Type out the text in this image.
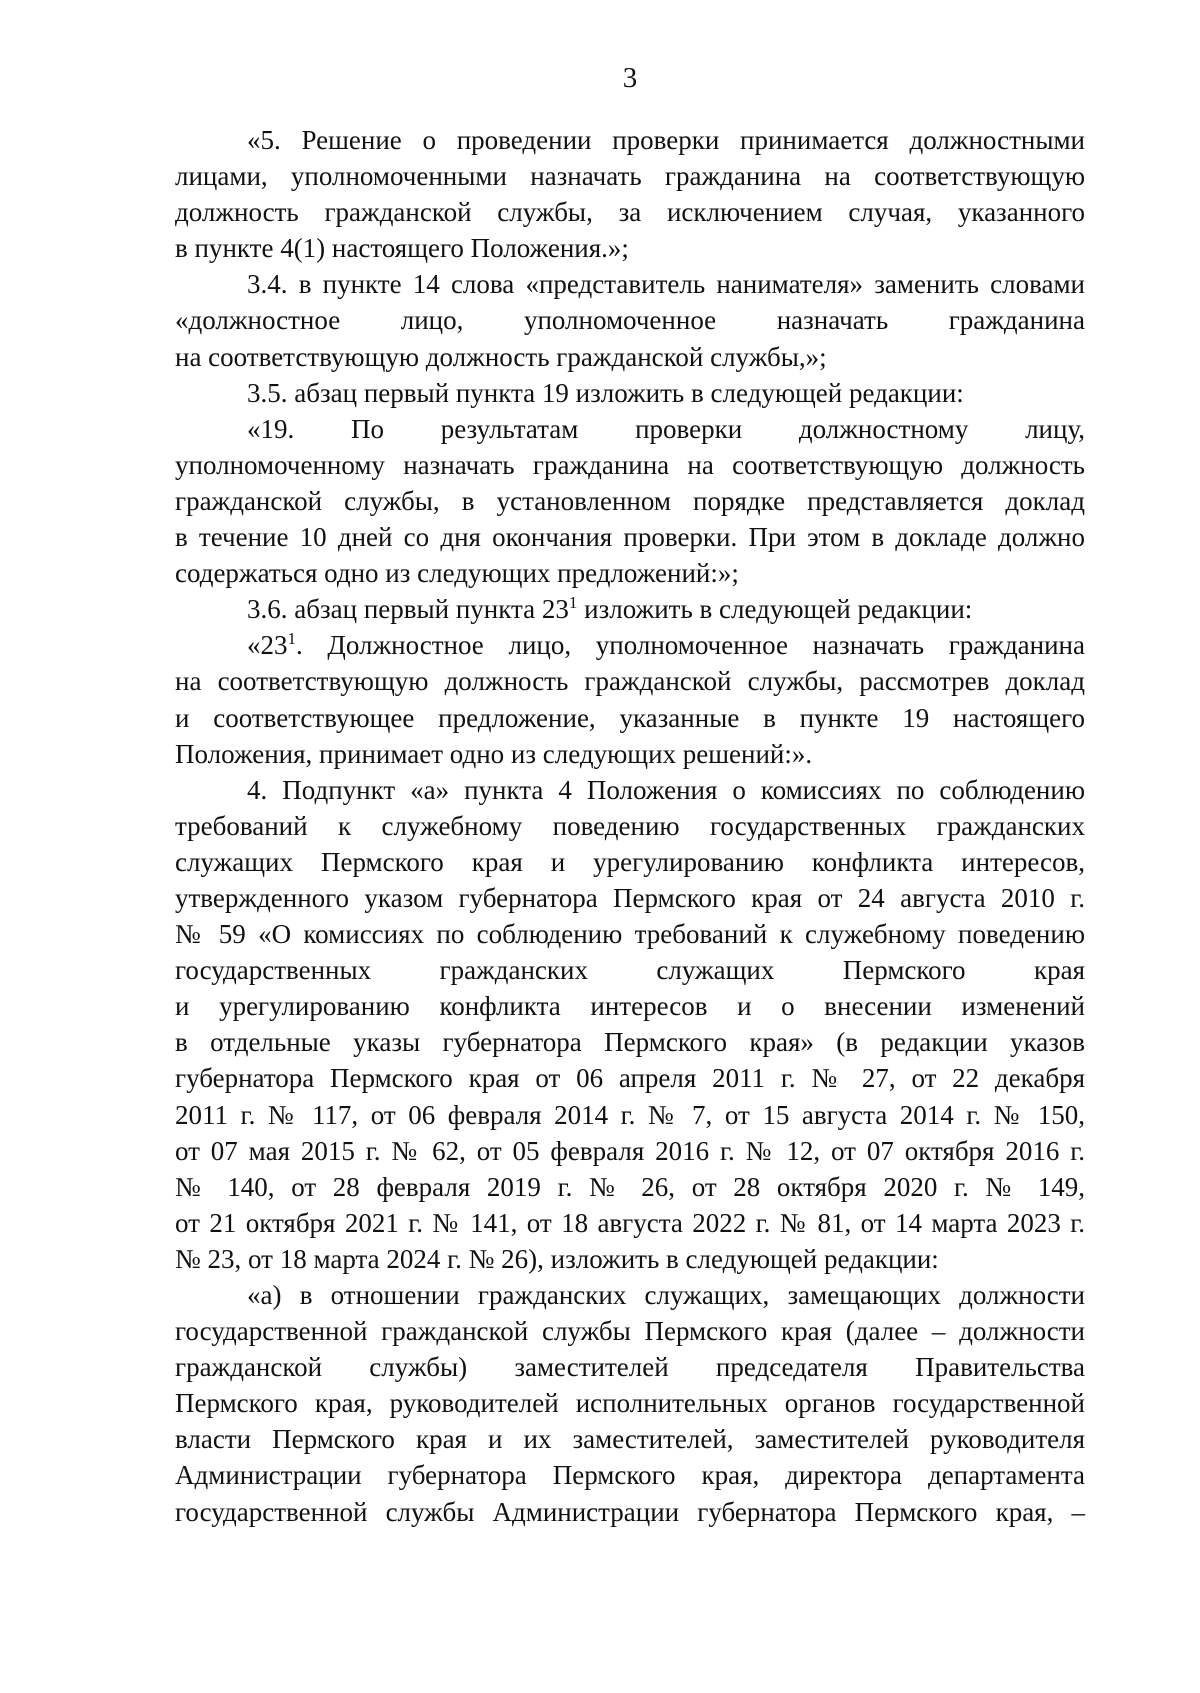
3

«5. Решение о проведении проверки принимается должностными
лицами, уполномоченными назначать гражданина на соответствующую
должность гражданской службы, за исключением случая, указанного
в пункте 4(1) настоящего Положения.»;

3.4. в пункте 14 слова «представитель нанимателя» заменить словами
«должностное лицо, уполномоченное назначать гражданина
на соответствующую должность гражданской службы,»;

3.5. абзац первый пункта 19 изложить в следующей редакции:

«19. По результатам проверки должностному лицу,
уполномоченному назначать гражданина на соответствующую должность
гражданской службы, в установленном порядке представляется доклад
в течение 10 дней со дня окончания проверки. При этом в докладе должно
содержаться одно из следующих предложений:»;

3.6. абзац первый пункта $23^1$ изложить в следующей редакции:

«$23^1$. Должностное лицо, уполномоченное назначать гражданина
на соответствующую должность гражданской службы, рассмотрев доклад
и соответствующее предложение, указанные в пункте 19 настоящего
Положения, принимает одно из следующих решений:».

4. Подпункт «а» пункта 4 Положения о комиссиях по соблюдению
требований к служебному поведению государственных гражданских
служащих Пермского края и урегулированию конфликта интересов,
утвержденного указом губернатора Пермского края от 24 августа 2010 г.
№ 59 «О комиссиях по соблюдению требований к служебному поведению
государственных гражданских служащих Пермского края
и урегулированию конфликта интересов и о внесении изменений
в отдельные указы губернатора Пермского края» (в редакции указов
губернатора Пермского края от 06 апреля 2011 г. № 27, от 22 декабря
2011 г. № 117, от 06 февраля 2014 г. № 7, от 15 августа 2014 г. № 150,
от 07 мая 2015 г. № 62, от 05 февраля 2016 г. № 12, от 07 октября 2016 г.
№ 140, от 28 февраля 2019 г. № 26, от 28 октября 2020 г. № 149,
от 21 октября 2021 г. № 141, от 18 августа 2022 г. № 81, от 14 марта 2023 г.
№ 23, от 18 марта 2024 г. № 26), изложить в следующей редакции:

«а) в отношении гражданских служащих, замещающих должности
государственной гражданской службы Пермского края (далее – должности
гражданской службы) заместителей председателя Правительства
Пермского края, руководителей исполнительных органов государственной
власти Пермского края и их заместителей, заместителей руководителя
Администрации губернатора Пермского края, директора департамента
государственной службы Администрации губернатора Пермского края, –
